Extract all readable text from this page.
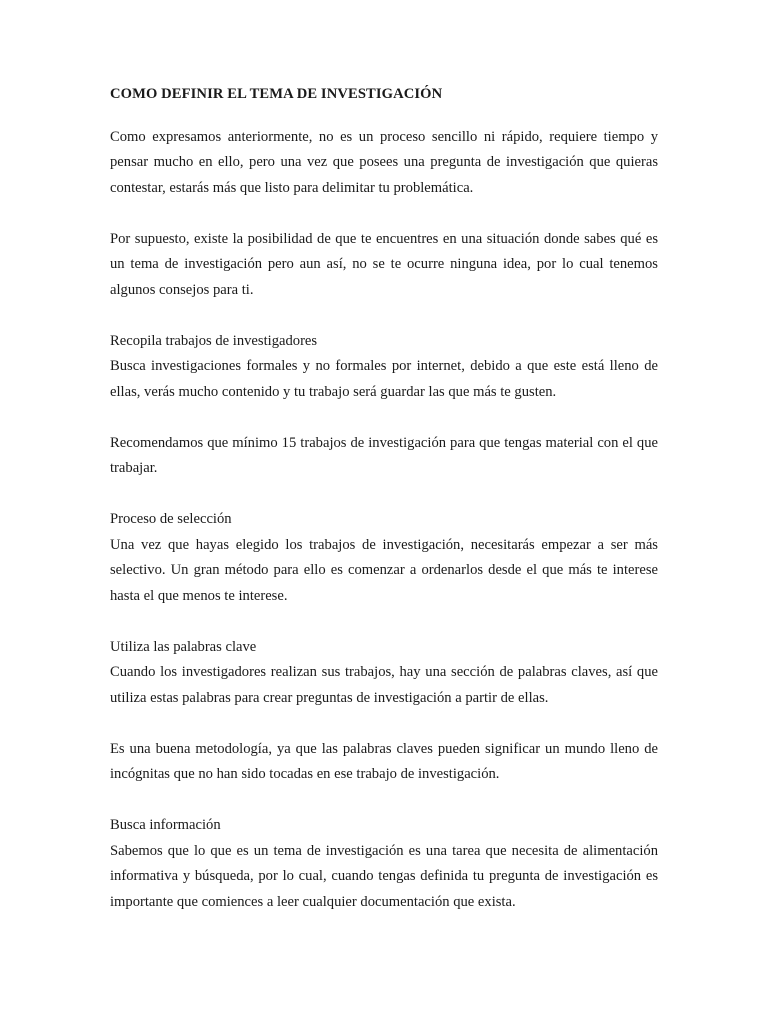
COMO DEFINIR EL TEMA DE INVESTIGACIÓN

Como expresamos anteriormente, no es un proceso sencillo ni rápido, requiere tiempo y pensar mucho en ello, pero una vez que posees una pregunta de investigación que quieras contestar, estarás más que listo para delimitar tu problemática.

Por supuesto, existe la posibilidad de que te encuentres en una situación donde sabes qué es un tema de investigación pero aun así, no se te ocurre ninguna idea, por lo cual tenemos algunos consejos para ti.

Recopila trabajos de investigadores

Busca investigaciones formales y no formales por internet, debido a que este está lleno de ellas, verás mucho contenido y tu trabajo será guardar las que más te gusten.

Recomendamos que mínimo 15 trabajos de investigación para que tengas material con el que trabajar.

Proceso de selección

Una vez que hayas elegido los trabajos de investigación, necesitarás empezar a ser más selectivo. Un gran método para ello es comenzar a ordenarlos desde el que más te interese hasta el que menos te interese.

Utiliza las palabras clave

Cuando los investigadores realizan sus trabajos, hay una sección de palabras claves, así que utiliza estas palabras para crear preguntas de investigación a partir de ellas.

Es una buena metodología, ya que las palabras claves pueden significar un mundo lleno de incógnitas que no han sido tocadas en ese trabajo de investigación.

Busca información

Sabemos que lo que es un tema de investigación es una tarea que necesita de alimentación informativa y búsqueda, por lo cual, cuando tengas definida tu pregunta de investigación es importante que comiences a leer cualquier documentación que exista.
